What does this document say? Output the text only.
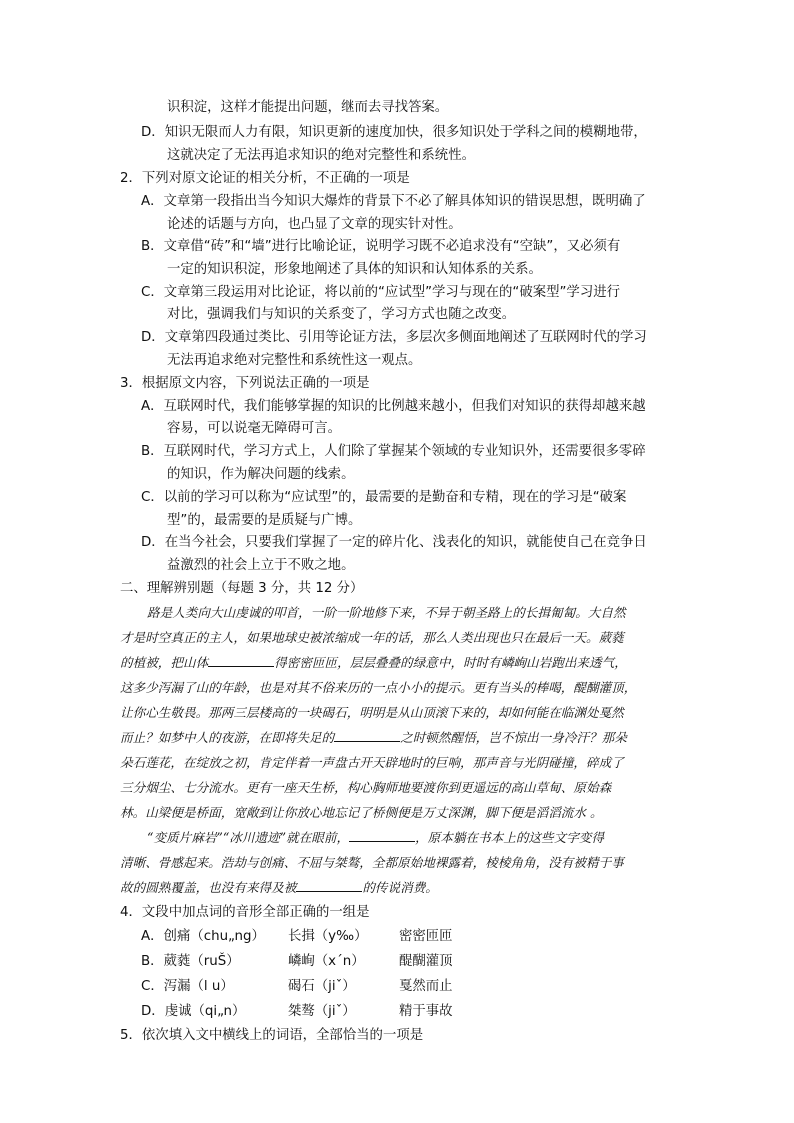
识积淀，这样才能提出问题，继而去寻找答案。
D．知识无限而人力有限，知识更新的速度加快，很多知识处于学科之间的模糊地带，
这就决定了无法再追求知识的绝对完整性和系统性。
2．下列对原文论证的相关分析，不正确的一项是
A．文章第一段指出当今知识大爆炸的背景下不必了解具体知识的错误思想，既明确了
论述的话题与方向，也凸显了文章的现实针对性。
B．文章借“砖”和“墙”进行比喻论证，说明学习既不必追求没有“空缺”，又必须有
一定的知识积淀，形象地阐述了具体的知识和认知体系的关系。
C．文章第三段运用对比论证，将以前的“应试型”学习与现在的“破案型”学习进行
对比，强调我们与知识的关系变了，学习方式也随之改变。
D．文章第四段通过类比、引用等论证方法，多层次多侧面地阐述了互联网时代的学习
无法再追求绝对完整性和系统性这一观点。
3．根据原文内容，下列说法正确的一项是
A．互联网时代，我们能够掌握的知识的比例越来越小，但我们对知识的获得却越来越
容易，可以说毫无障碍可言。
B．互联网时代，学习方式上，人们除了掌握某个领域的专业知识外，还需要很多零碎
的知识，作为解决问题的线索。
C．以前的学习可以称为“应试型”的，最需要的是勤奋和专精，现在的学习是“破案
型”的，最需要的是质疑与广博。
D．在当今社会，只要我们掌握了一定的碎片化、浅表化的知识，就能使自己在竞争日
益激烈的社会上立于不败之地。
二、理解辨别题（每题 3 分，共 12 分）
路是人类向大山虔诚的叩首，一阶一阶地修下来，不异于朝圣路上的长揖匍匐。大自然
才是时空真正的主人，如果地球史被浓缩成一年的话，那么人类出现也只在最后一天。葳蕤
的植被，把山体	得密密匝匝，层层叠叠的绿意中，时时有嶙峋山岩跑出来透气，
这多少泻漏了山的年龄，也是对其不俗来历的一点小小的提示。更有当头的棒喝，醍醐灌顶，
让你心生敬畏。那两三层楼高的一块碣石，明明是从山顶滚下来的，却如何能在临渊处戛然
而止？如梦中人的夜游，在即将失足的	之时顿然醒悟，岂不惊出一身冷汗？那朵
朵石莲花，在绽放之初，肯定伴着一声盘古开天辟地时的巨响，那声音与光阴碰撞，碎成了
三分烟尘、七分流水。更有一座天生桥，构心胸师地要渡你到更遥远的高山草甸、原始森
林。山梁便是桥面，宽敞到让你放心地忘记了桥侧便是万丈深渊，脚下便是滔滔流水 。
“变质片麻岩”“冰川遗迹”就在眼前，	，原本躺在书本上的这些文字变得
清晰、骨感起来。浩劫与创痛、不屈与桀骜，全都原始地裸露着，棱棱角角，没有被精于事
故的圆熟覆盖，也没有来得及被	的传说消费。
4．文段中加点词的音形全部正确的一组是
A．创痛（chu„ng） 长揖（y‰） 密密匝匝
B．葳蕤（ruŠ）	嶙峋（x´n）	醍醐灌顶
C．泻漏（l u）	碣石（jiˇ）	戛然而止
D．虔诚（qi„n）	桀骜（jiˇ）	精于事故
5．依次填入文中横线上的词语，全部恰当的一项是
